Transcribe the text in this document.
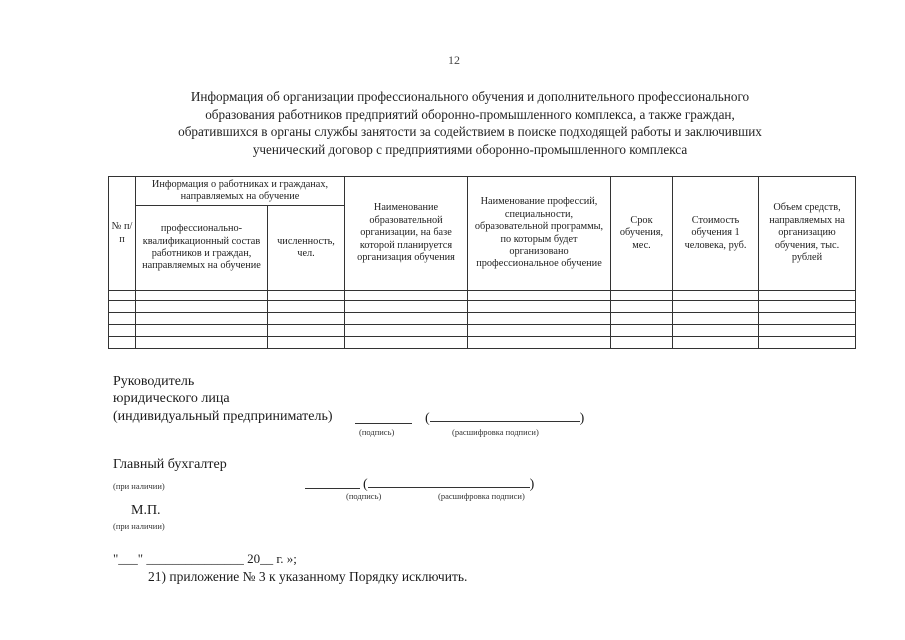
12
Информация об организации профессионального обучения и дополнительного профессионального
образования работников предприятий оборонно-промышленного комплекса, а также граждан,
обратившихся в органы службы занятости за содействием в поиске подходящей работы и заключивших
ученический договор с предприятиями оборонно-промышленного комплекса
№ п/п	Информация о работниках и гражданах, направляемых на обучение		Наименование образовательной организации, на базе которой планируется организация обучения	Наименование профессий, специальности, образовательной программы, по которым будет организовано профессиональное обучение	Срок обучения, мес.	Стоимость обучения 1 человека, руб.	Объем средств, направляемых на организацию обучения, тыс. рублей
	профессионально-квалификационный состав работников и граждан, направляемых на обучение	численность, чел.					

Руководитель
юридического лица
(индивидуальный предприниматель)	(	)
(подпись)	(расшифровка подписи)
Главный бухгалтер
(при наличии)	(	)
(подпись)	(расшифровка подписи)
М.П.
(при наличии)
"___" _______________ 20__ г. »;
21) приложение № 3 к указанному Порядку исключить.
